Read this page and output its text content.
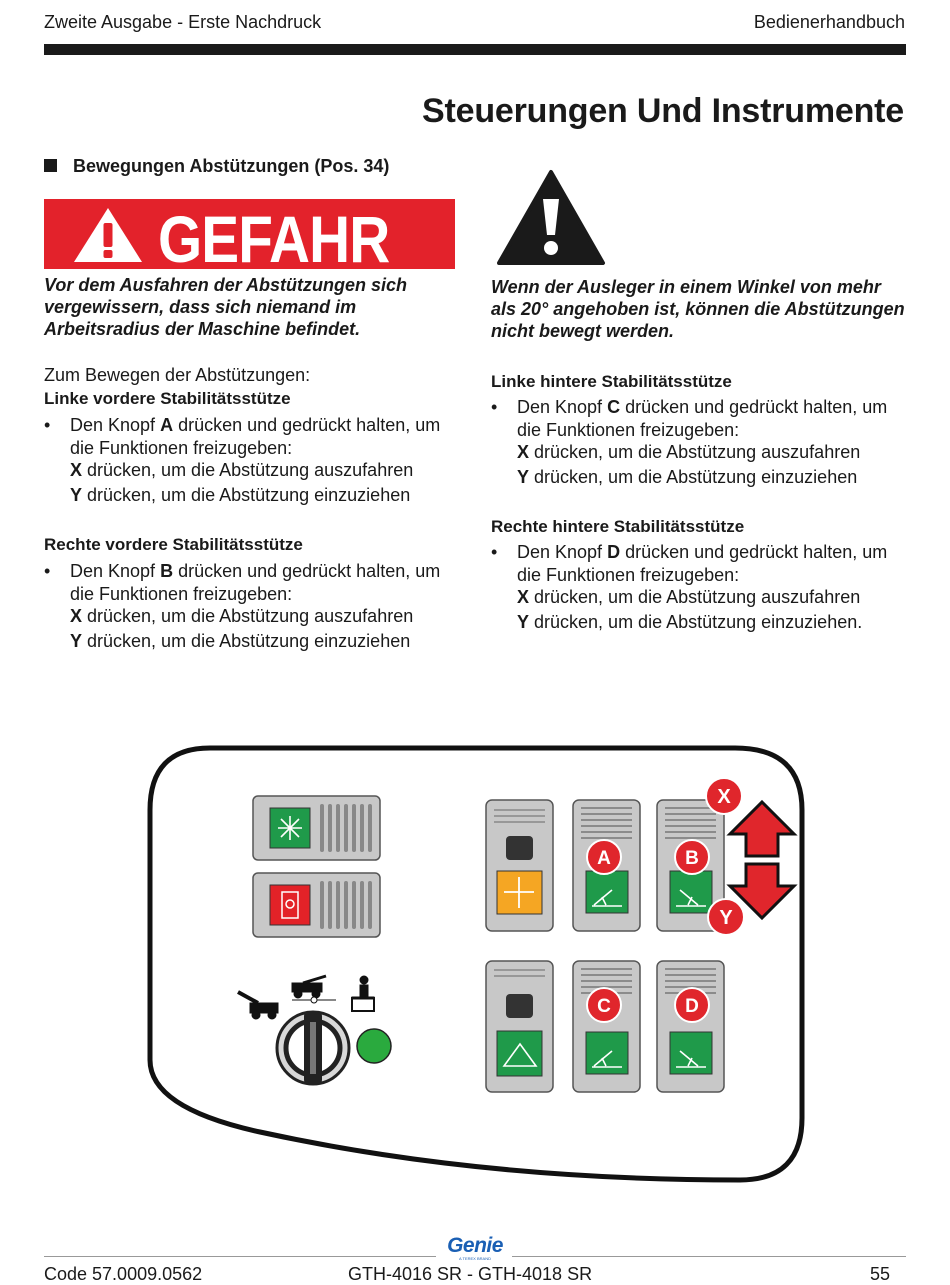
Zweite Ausgabe - Erste Nachdruck	Bedienerhandbuch
Steuerungen Und Instrumente
Bewegungen Abstützungen (Pos. 34)
GEFAHR
Vor dem Ausfahren der Abstützungen sich vergewissern, dass sich niemand im Arbeitsradius der Maschine befindet.
Wenn der Ausleger in einem Winkel von mehr als 20° angehoben ist, können die Abstützungen nicht bewegt werden.
Zum Bewegen der Abstützungen:
Linke vordere Stabilitätsstütze
• Den Knopf A drücken und gedrückt halten, um die Funktionen freizugeben:
X drücken, um die Abstützung auszufahren
Y drücken, um die Abstützung einzuziehen
Rechte vordere Stabilitätsstütze
• Den Knopf B drücken und gedrückt halten, um die Funktionen freizugeben:
X drücken, um die Abstützung auszufahren
Y drücken, um die Abstützung einzuziehen
Linke hintere Stabilitätsstütze
• Den Knopf C drücken und gedrückt halten, um die Funktionen freizugeben:
X drücken, um die Abstützung auszufahren
Y drücken, um die Abstützung einzuziehen
Rechte hintere Stabilitätsstütze
• Den Knopf D drücken und gedrückt halten, um die Funktionen freizugeben:
X drücken, um die Abstützung auszufahren
Y drücken, um die Abstützung einzuziehen.
A	B
C	D
X
Y
Genie
A TEREX BRAND
Code 57.0009.0562	GTH-4016 SR - GTH-4018 SR	55
